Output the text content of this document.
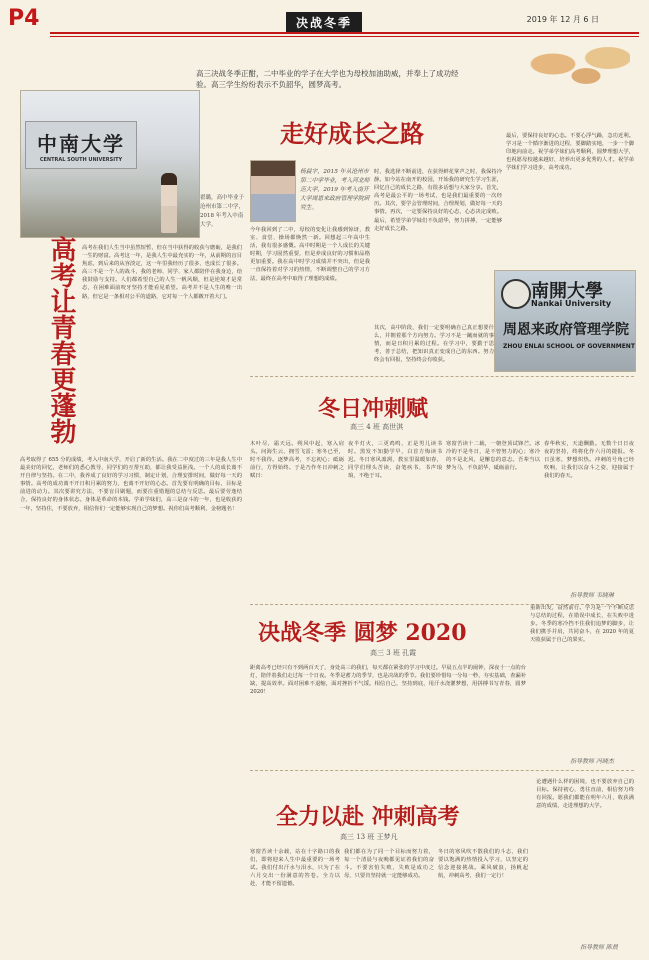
P4	决战冬季	2019 年 12 月 6 日
高三决战冬季正酣，二中毕业的学子在大学也为母校加油助威，并奉上了成功经验。高三学生纷纷表示不负韶华，圆梦高考。
中南大学
CENTRAL SOUTH UNIVERSITY
翟璐，高中毕业于沧州市第二中学，2018 年考入中南大学。
高考让青春更蓬勃 高考在我们人生当中虽然短暂，但在当中获得的收获与磨砺，是我们一生的财富。高考这一年，是我人生中最充实的一年，从前期的盲目焦虑，到后来的从容淡定，这一年里我经历了很多，也成长了很多。高三不是一个人的战斗，我的老师、同学、家人都陪伴在我身边，给我鼓励与支持。人们都希望自己的人生一帆风顺，但是逆境才是常态，在困难面前咬牙坚持才能看见希望。高考并不是人生的唯一出路，但它是一条相对公平的道路，它对每一个人都敞开着大门。
高考取得了 655 分的成绩，考入中南大学，开启了新的生活。我在二中度过的三年是我人生中最美好的回忆，老师们的悉心教导，同学们的互帮互助，都让我受益匪浅。一个人的成长离不开自律与坚持。在二中，我养成了良好的学习习惯，制定计划，合理安排时间，做好每一天的事情。高考的成功离不开日积月累的努力，也离不开好的心态。首先要有明确的目标，目标是前进的动力。其次要讲究方法，不要盲目刷题，而要注重错题的总结与反思。最后要劳逸结合，保持良好的身体状态。身体是革命的本钱。学弟学妹们，高三是奋斗的一年，也是收获的一年，坚持住，不要放弃，相信你们一定能够实现自己的梦想。祝你们高考顺利，金榜题名！
走好成长之路
杨晨宇，2015 年从沧州市第二中学毕业，考入河北师范大学，2019 年考入南开大学周恩来政府管理学院研究生。
今年我回到了二中，母校的变化让我感到惊讶，教室、食堂、操场都焕然一新。回想起三年高中生活，我有很多感慨。高中时期是一个人成长的关键时期，学习固然重要，但是养成良好的习惯和品格更加重要。我在高中时学习成绩并不突出，但是我一直保持着对学习的热情，不断调整自己的学习方法，最终在高考中取得了理想的成绩。
时，我选择不断前进，在获得鲜花掌声之时，我保持冷静。如今站在南开的校园，开始我的研究生学习生涯，回忆自己的成长之路，有很多话想与大家分享。首先，高考是最公平的一场考试，也是我们最重要的一次经历。其次，要学会管理时间，合理规划，做好每一天的事情。再次，一定要保持良好的心态，心态决定成败。最后，希望学弟学妹们不负韶华，努力拼搏，一定能够走好成长之路。
其次，高中阶段，我们一定要明确自己真正想要什么，并朝着那个方向努力。学习不是一蹴而就的事情，而是日积月累的过程。在学习中，要勤于思考，善于总结，把知识真正变成自己的东西。努力终会有回报，坚持终会有收获。
最后，要保持良好的心态。不要心浮气躁，急功近利。学习是一个循序渐进的过程，要脚踏实地，一步一个脚印地向前走。祝学弟学妹们高考顺利，圆梦理想大学，也祝愿母校越来越好，培养出更多优秀的人才。祝学弟学妹们学习进步，高考成功。
南開大學
Nankai University
周恩来政府管理学院
ZHOU ENLAI SCHOOL OF GOVERNMENT
冬日冲刺赋
高三 4 班 高世淇
木叶尽，霜天远。朔风中起，寒入肩头。问海生云，拥雪飞雷；寒冬已至，时不我待。逐梦高考，不忘初心；砥砺前行，方得始终。于是乃作冬日冲刺之赋曰：
夜半灯火，三更鸡鸣，正是男儿读书时。黑发不知勤学早，白首方悔读书迟。冬日寒风凛冽，教室里温暖如春，同学们埋头苦读，奋笔疾书，书声琅琅，不绝于耳。
寒窗苦读十二载，一朝登顶试锋芒。冰冷的不是冬日，是不曾努力的心；寒冷的不是北风，是懈怠的意志。吾辈当以梦为马，不负韶华，砥砺前行。
春华秋实，天道酬勤。无数个日日夜夜的坚持，终将化作六月的捷报。冬日虽寒，梦想炽热。冲刺的号角已经吹响，让我们以奋斗之姿，迎接属于我们的春天。
指导教师 韦晓琳
决战冬季 圆梦 2020
高三 3 班 孔霞
距离高考已经只有不到两百天了，身处高三的我们，每天都在紧张的学习中度过。早晨五点半的闹钟，深夜十一点的台灯，陪伴着我们走过每一个日夜。冬季是蓄力的季节，也是决战的季节。我们要珍惜每一分每一秒，夯实基础，查漏补缺，提高效率。面对困难不退缩，面对挫折不气馁。相信自己，坚持到底，用汗水浇灌梦想，用拼搏书写青春，圆梦 2020！
重新出发，奋然前行。学习是一个不断反思与总结的过程，在错误中成长，在失败中进步。冬季的寒冷挡不住我们追梦的脚步，让我们携手并肩，共同奋斗，在 2020 年的夏天收获属于自己的果实。
指导教师 冯晓杰
全力以赴 冲刺高考
高三 13 班 王梦凡
寒窗苦读十余载，站在十字路口的我们，即将迎来人生中最重要的一场考试。我们付出汗水与泪水，只为了在六月交出一份满意的答卷。全力以赴，才能不留遗憾。
我们都在为了同一个目标而努力着，每一个清晨与夜晚都见证着我们的奋斗。不要害怕失败，失败是成功之母，只要肯坚持就一定能够成功。
冬日的寒风吹不散我们的斗志，我们要以饱满的热情投入学习，以坚定的信念迎接挑战。乘风破浪，扬帆起航，冲刺高考，我们一定行！
论遭遇什么样的困境，也不要放弃自己的目标。保持初心，勇往直前，相信努力终有回报。愿我们都能在明年六月，收获满意的成绩，走进理想的大学。
指导教师 陈晨
